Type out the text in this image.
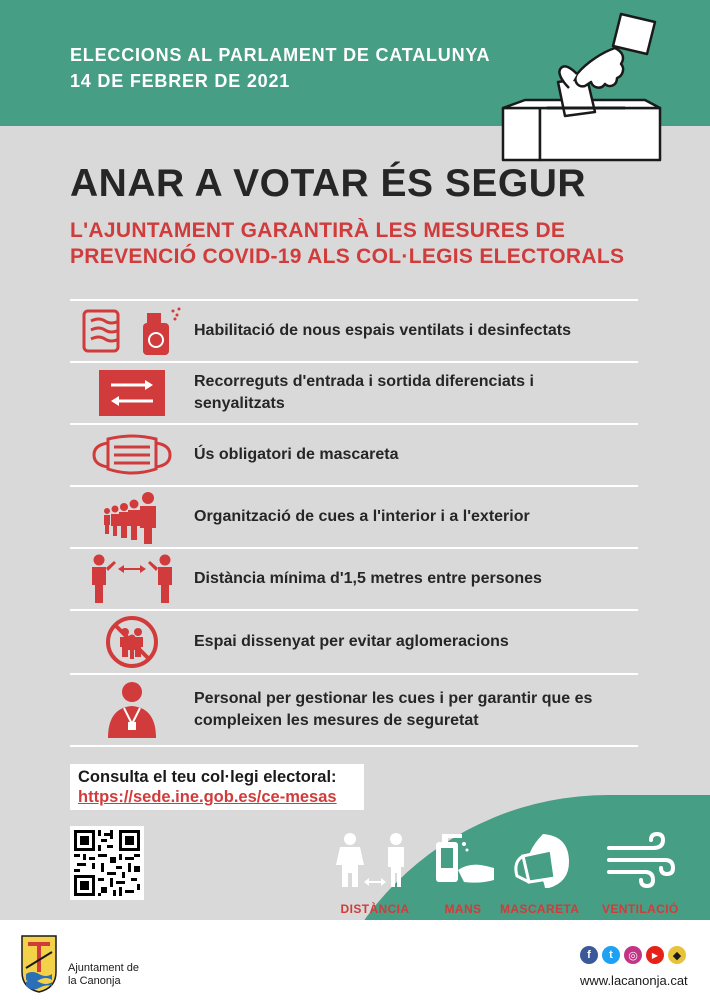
ELECCIONS AL PARLAMENT DE CATALUNYA
14 DE FEBRER DE 2021
ANAR A VOTAR ÉS SEGUR
L'AJUNTAMENT GARANTIRÀ LES MESURES DE PREVENCIÓ COVID-19 ALS COL·LEGIS ELECTORALS
Habilitació de nous espais ventilats i desinfectats
Recorreguts d'entrada i sortida diferenciats i senyalitzats
Ús obligatori de mascareta
Organització de cues a l'interior i a l'exterior
Distància mínima d'1,5 metres entre persones
Espai dissenyat per evitar aglomeracions
Personal per gestionar les cues i per garantir que es compleixen les mesures de seguretat
Consulta el teu col·legi electoral:
https://sede.ine.gob.es/ce-mesas
DISTÀNCIA	MANS MASCARETA VENTILACIÓ
Ajuntament de
la Canonja
f	t	◎	▶	◆
www.lacanonja.cat
